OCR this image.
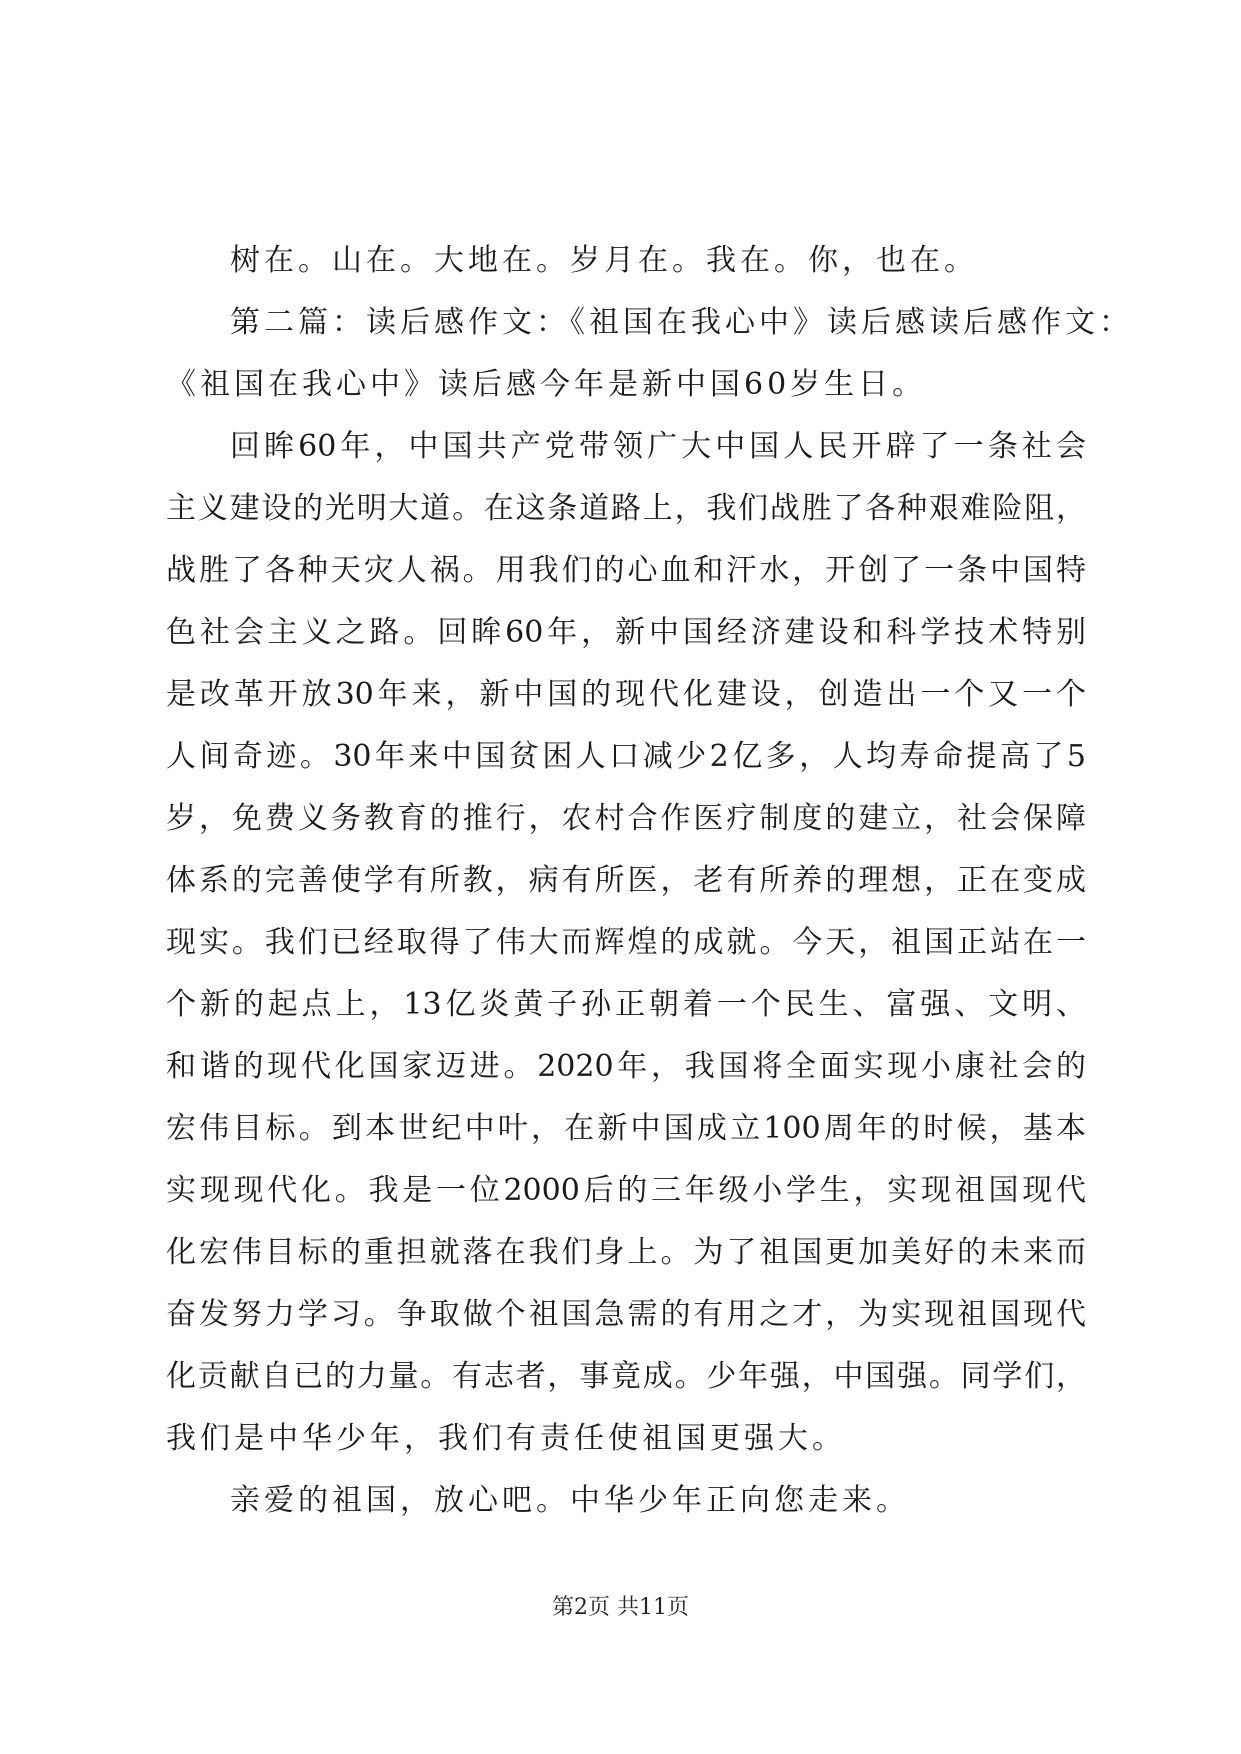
树在。山在。大地在。岁月在。我在。你，也在。
第二篇：读后感作文：《祖国在我心中》读后感读后感作文：
《祖国在我心中》读后感今年是新中国60岁生日。
回眸60年，中国共产党带领广大中国人民开辟了一条社会
主义建设的光明大道。在这条道路上，我们战胜了各种艰难险阻，
战胜了各种天灾人祸。用我们的心血和汗水，开创了一条中国特
色社会主义之路。回眸60年，新中国经济建设和科学技术特别
是改革开放30年来，新中国的现代化建设，创造出一个又一个
人间奇迹。30年来中国贫困人口减少2亿多，人均寿命提高了5
岁，免费义务教育的推行，农村合作医疗制度的建立，社会保障
体系的完善使学有所教，病有所医，老有所养的理想，正在变成
现实。我们已经取得了伟大而辉煌的成就。今天，祖国正站在一
个新的起点上，13亿炎黄子孙正朝着一个民生、富强、文明、
和谐的现代化国家迈进。2020年，我国将全面实现小康社会的
宏伟目标。到本世纪中叶，在新中国成立100周年的时候，基本
实现现代化。我是一位2000后的三年级小学生，实现祖国现代
化宏伟目标的重担就落在我们身上。为了祖国更加美好的未来而
奋发努力学习。争取做个祖国急需的有用之才，为实现祖国现代
化贡献自已的力量。有志者，事竟成。少年强，中国强。同学们，
我们是中华少年，我们有责任使祖国更强大。
亲爱的祖国，放心吧。中华少年正向您走来。
第2页 共11页
